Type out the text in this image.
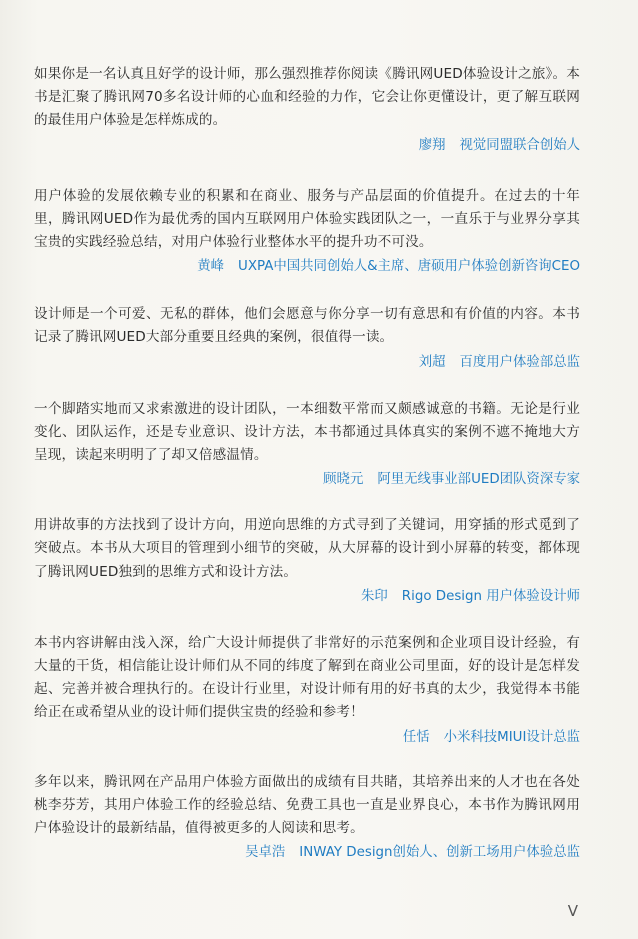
如果你是一名认真且好学的设计师，那么强烈推荐你阅读《腾讯网UED体验设计之旅》。本书是汇聚了腾讯网70多名设计师的心血和经验的力作，它会让你更懂设计，更了解互联网的最佳用户体验是怎样炼成的。

廖翔 视觉同盟联合创始人

用户体验的发展依赖专业的积累和在商业、服务与产品层面的价值提升。在过去的十年里，腾讯网UED作为最优秀的国内互联网用户体验实践团队之一，一直乐于与业界分享其宝贵的实践经验总结，对用户体验行业整体水平的提升功不可没。

黄峰 UXPA中国共同创始人&主席、唐硕用户体验创新咨询CEO

设计师是一个可爱、无私的群体，他们会愿意与你分享一切有意思和有价值的内容。本书记录了腾讯网UED大部分重要且经典的案例，很值得一读。

刘超 百度用户体验部总监

一个脚踏实地而又求索激进的设计团队，一本细数平常而又颇感诚意的书籍。无论是行业变化、团队运作，还是专业意识、设计方法，本书都通过具体真实的案例不遮不掩地大方呈现，读起来明明了了却又倍感温情。

顾晓元 阿里无线事业部UED团队资深专家

用讲故事的方法找到了设计方向，用逆向思维的方式寻到了关键词，用穿插的形式觅到了突破点。本书从大项目的管理到小细节的突破，从大屏幕的设计到小屏幕的转变，都体现了腾讯网UED独到的思维方式和设计方法。

朱印 Rigo Design 用户体验设计师

本书内容讲解由浅入深，给广大设计师提供了非常好的示范案例和企业项目设计经验，有大量的干货，相信能让设计师们从不同的纬度了解到在商业公司里面，好的设计是怎样发起、完善并被合理执行的。在设计行业里，对设计师有用的好书真的太少，我觉得本书能给正在或希望从业的设计师们提供宝贵的经验和参考！

任恬 小米科技MIUI设计总监

多年以来，腾讯网在产品用户体验方面做出的成绩有目共睹，其培养出来的人才也在各处桃李芬芳，其用户体验工作的经验总结、免费工具也一直是业界良心，本书作为腾讯网用户体验设计的最新结晶，值得被更多的人阅读和思考。

吴卓浩 INWAY Design创始人、创新工场用户体验总监

V
